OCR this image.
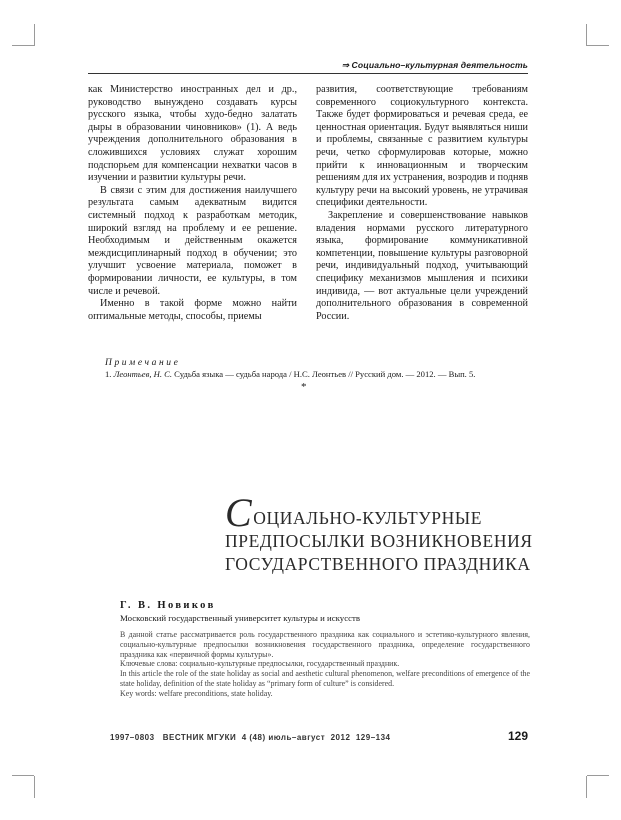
⇒ Социально–культурная деятельность

как Министерство иностранных дел и др., руководство вынуждено создавать курсы русского языка, чтобы худо-бедно залатать дыры в образовании чиновников» (1). А ведь учреждения дополнительного образования в сложившихся условиях служат хорошим подспорьем для компенсации нехватки часов в изучении и развитии культуры речи.

В связи с этим для достижения наилучшего результата самым адекватным видится системный подход к разработкам методик, широкий взгляд на проблему и ее решение. Необходимым и действенным окажется междисциплинарный подход в обучении; это улучшит усвоение материала, поможет в формировании личности, ее культуры, в том числе и речевой.

Именно в такой форме можно найти оптимальные методы, способы, приемы

развития, соответствующие требованиям современного социокультурного контекста. Также будет формироваться и речевая среда, ее ценностная ориентация. Будут выявляться ниши и проблемы, связанные с развитием культуры речи, четко сформулировав которые, можно прийти к инновационным и творческим решениям для их устранения, возродив и подняв культуру речи на высокий уровень, не утрачивая специфики деятельности.

Закрепление и совершенствование навыков владения нормами русского литературного языка, формирование коммуникативной компетенции, повышение культуры разговорной речи, индивидуальный подход, учитывающий специфику механизмов мышления и психики индивида, — вот актуальные цели учреждений дополнительного образования в современной России.

Примечание
1. Леонтьев, Н. С. Судьба языка — судьба народа / Н.С. Леонтьев // Русский дом. — 2012. — Вып. 5.
*
СОЦИАЛЬНО-КУЛЬТУРНЫЕ
ПРЕДПОСЫЛКИ ВОЗНИКНОВЕНИЯ
ГОСУДАРСТВЕННОГО ПРАЗДНИКА
Г. В. Новиков
Московский государственный университет культуры и искусств

В данной статье рассматривается роль государственного праздника как социального и эстетико-культурного явления, социально-культурные предпосылки возникновения государственного праздника, определение государственного праздника как «первичной формы культуры».

Ключевые слова: социально-культурные предпосылки, государственный праздник.

In this article the role of the state holiday as social and aesthetic cultural phenomenon, welfare preconditions of emergence of the state holiday, definition of the state holiday as “primary form of culture” is considered.

Key words: welfare preconditions, state holiday.

1997–0803 ВЕСТНИК МГУКИ 4 (48) июль–август 2012 129–134	129
